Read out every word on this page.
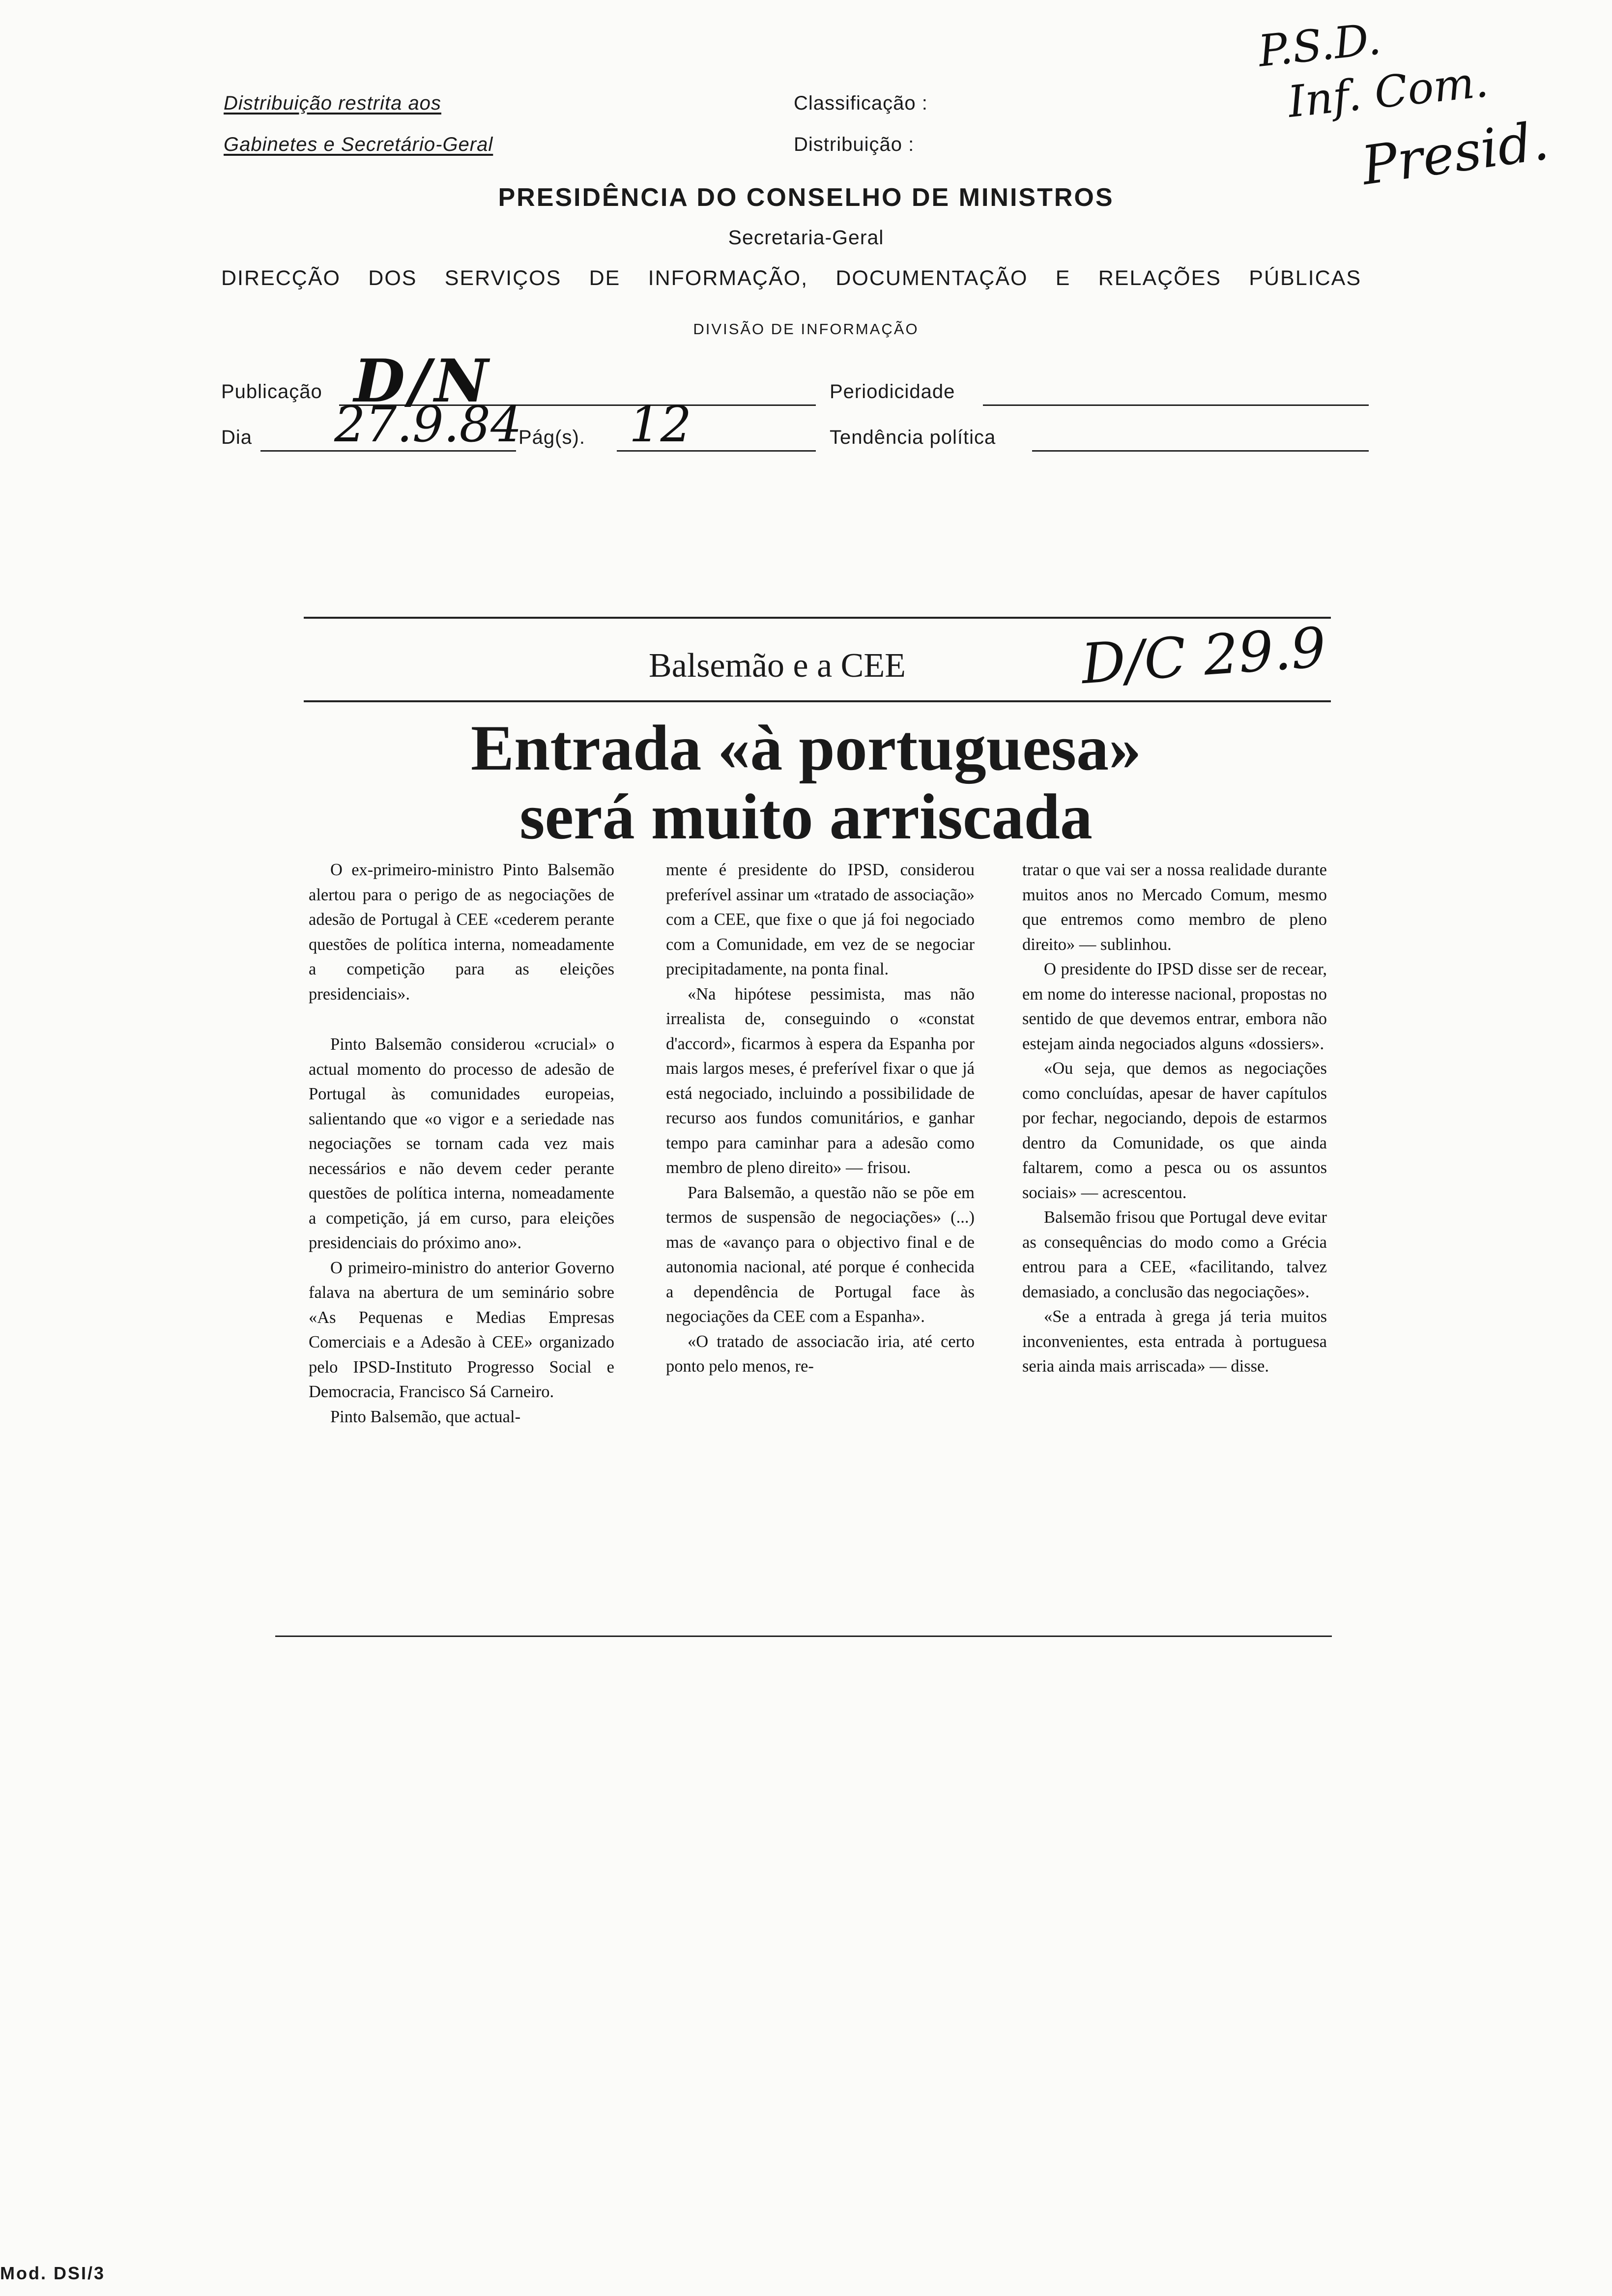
Distribuição restrita aos
Gabinetes e Secretário-Geral
Classificação :
Distribuição :
PRESIDÊNCIA DO CONSELHO DE MINISTROS
Secretaria-Geral
DIRECÇÃO DOS SERVIÇOS DE INFORMAÇÃO, DOCUMENTAÇÃO E RELAÇÕES PÚBLICAS
DIVISÃO DE INFORMAÇÃO
Publicação D/N	Periodicidade
Dia 27.9.84
Pág(s). 12	Tendência política
P.S.D.
Inf. Com.
Presid.
D/C 29.9
Balsemão e a CEE
Entrada «à portuguesa»
será muito arriscada

O ex-primeiro-ministro Pinto Balsemão alertou para o perigo de as negociações de adesão de Portugal à CEE «cederem perante questões de política interna, nomeadamente a competição para as eleições presidenciais».

Pinto Balsemão considerou «crucial» o actual momento do processo de adesão de Portugal às comunidades europeias, salientando que «o vigor e a seriedade nas negociações se tornam cada vez mais necessários e não devem ceder perante questões de política interna, nomeadamente a competição, já em curso, para eleições presidenciais do próximo ano».

O primeiro-ministro do anterior Governo falava na abertura de um seminário sobre «As Pequenas e Medias Empresas Comerciais e a Adesão à CEE» organizado pelo IPSD-Instituto Progresso Social e Democracia, Francisco Sá Carneiro.

Pinto Balsemão, que actual-

mente é presidente do IPSD, considerou preferível assinar um «tratado de associação» com a CEE, que fixe o que já foi negociado com a Comunidade, em vez de se negociar precipitadamente, na ponta final.

«Na hipótese pessimista, mas não irrealista de, conseguindo o «constat d'accord», ficarmos à espera da Espanha por mais largos meses, é preferível fixar o que já está negociado, incluindo a possibilidade de recurso aos fundos comunitários, e ganhar tempo para caminhar para a adesão como membro de pleno direito» — frisou.

Para Balsemão, a questão não se põe em termos de suspensão de negociações» (...) mas de «avanço para o objectivo final e de autonomia nacional, até porque é conhecida a dependência de Portugal face às negociações da CEE com a Espanha».

«O tratado de associacão iria, até certo ponto pelo menos, re-

tratar o que vai ser a nossa realidade durante muitos anos no Mercado Comum, mesmo que entremos como membro de pleno direito» — sublinhou.

O presidente do IPSD disse ser de recear, em nome do interesse nacional, propostas no sentido de que devemos entrar, embora não estejam ainda negociados alguns «dossiers».

«Ou seja, que demos as negociações como concluídas, apesar de haver capítulos por fechar, negociando, depois de estarmos dentro da Comunidade, os que ainda faltarem, como a pesca ou os assuntos sociais» — acrescentou.

Balsemão frisou que Portugal deve evitar as consequências do modo como a Grécia entrou para a CEE, «facilitando, talvez demasiado, a conclusão das negociações».

«Se a entrada à grega já teria muitos inconvenientes, esta entrada à portuguesa seria ainda mais arriscada» — disse.

Mod. DSI/3
